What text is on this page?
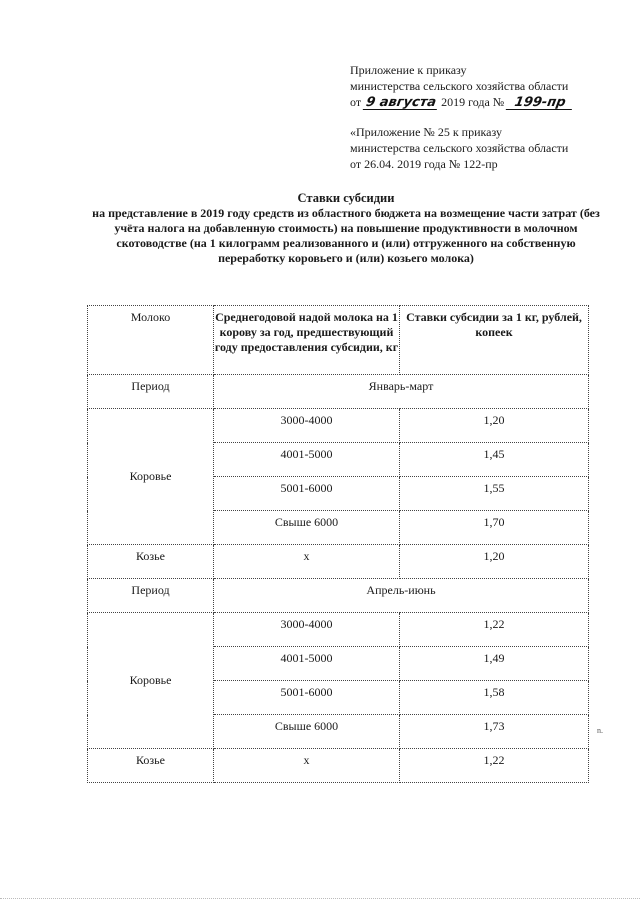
Приложение к приказу
министерства сельского хозяйства области
от 9 августа 2019 года № 199-пр
«Приложение № 25 к приказу
министерства сельского хозяйства области
от 26.04. 2019 года № 122-пр
Ставки субсидии
на представление в 2019 году средств из областного бюджета на возмещение части затрат (без учёта налога на добавленную стоимость) на повышение продуктивности в молочном скотоводстве (на 1 килограмм реализованного и (или) отгруженного на собственную переработку коровьего и (или) козьего молока)
Молоко	Среднегодовой надой молока на 1 корову за год, предшествующий году предоставления субсидии, кг	Ставки субсидии за 1 кг, рублей, копеек
Период	Январь-март	
Коровье	3000-4000	1,20
	4001-5000	1,45
	5001-6000	1,55
	Свыше 6000	1,70
Козье	х	1,20
Период	Апрель-июнь	
Коровье	3000-4000	1,22
	4001-5000	1,49
	5001-6000	1,58
	Свыше 6000	1,73
Козье	х	1,22
n.
